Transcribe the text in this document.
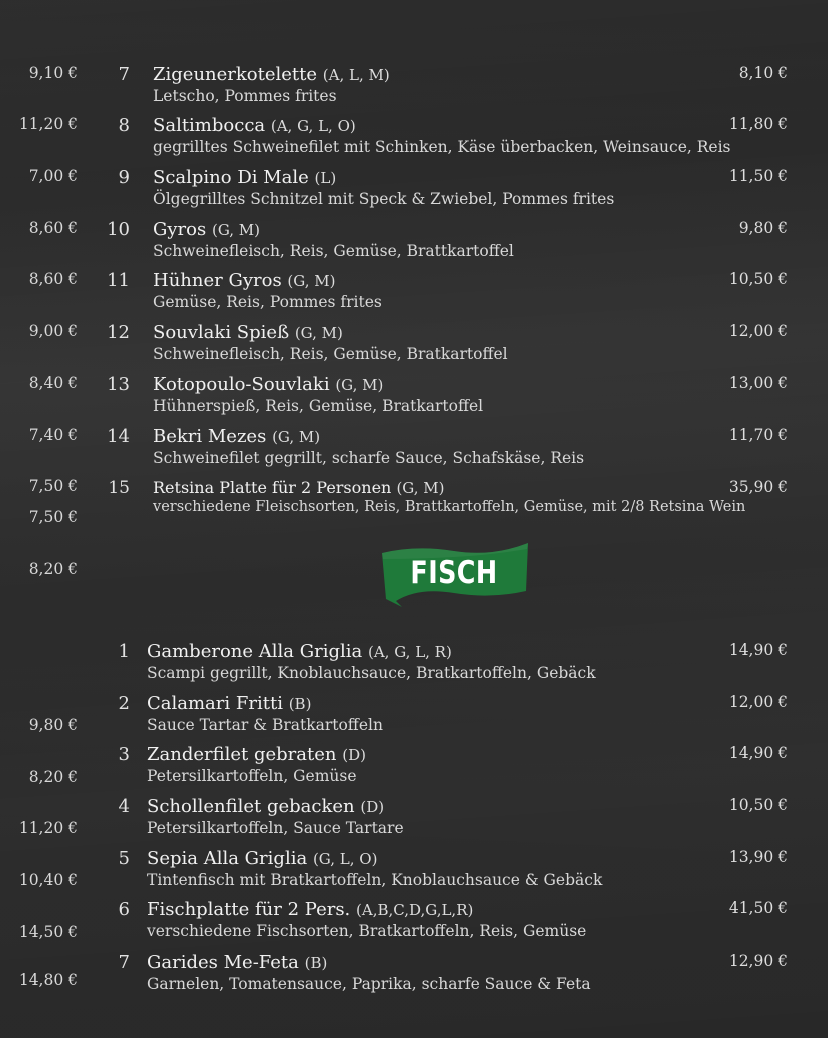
9,10 €
11,20 €
7,00 €
8,60 €
8,60 €
9,00 €
8,40 €
7,40 €
7,50 €
7,50 €
8,20 €
9,80 €
8,20 €
11,20 €
10,40 €
14,50 €
14,80 €
7 Zigeunerkotelette (A, L, M)
Letscho, Pommes frites
8,10 €
8 Saltimbocca (A, G, L, O)
gegrilltes Schweinefilet mit Schinken, Käse überbacken, Weinsauce, Reis
11,80 €
9 Scalpino Di Male (L)
Ölgegrilltes Schnitzel mit Speck & Zwiebel, Pommes frites
11,50 €
10 Gyros (G, M)
Schweinefleisch, Reis, Gemüse, Brattkartoffel
9,80 €
11 Hühner Gyros (G, M)
Gemüse, Reis, Pommes frites
10,50 €
12 Souvlaki Spieß (G, M)
Schweinefleisch, Reis, Gemüse, Bratkartoffel
12,00 €
13 Kotopoulo-Souvlaki (G, M)
Hühnerspieß, Reis, Gemüse, Bratkartoffel
13,00 €
14 Bekri Mezes (G, M)
Schweinefilet gegrillt, scharfe Sauce, Schafskäse, Reis
11,70 €
15 Retsina Platte für 2 Personen (G, M)
verschiedene Fleischsorten, Reis, Brattkartoffeln, Gemüse, mit 2/8 Retsina Wein
35,90 €
FISCH
1 Gamberone Alla Griglia (A, G, L, R)
Scampi gegrillt, Knoblauchsauce, Bratkartoffeln, Gebäck
14,90 €
2 Calamari Fritti (B)
Sauce Tartar & Bratkartoffeln
12,00 €
3 Zanderfilet gebraten (D)
Petersilkartoffeln, Gemüse
14,90 €
4 Schollenfilet gebacken (D)
Petersilkartoffeln, Sauce Tartare
10,50 €
5 Sepia Alla Griglia (G, L, O)
Tintenfisch mit Bratkartoffeln, Knoblauchsauce & Gebäck
13,90 €
6 Fischplatte für 2 Pers. (A,B,C,D,G,L,R)
verschiedene Fischsorten, Bratkartoffeln, Reis, Gemüse
41,50 €
7 Garides Me-Feta (B)
Garnelen, Tomatensauce, Paprika, scharfe Sauce & Feta
12,90 €
